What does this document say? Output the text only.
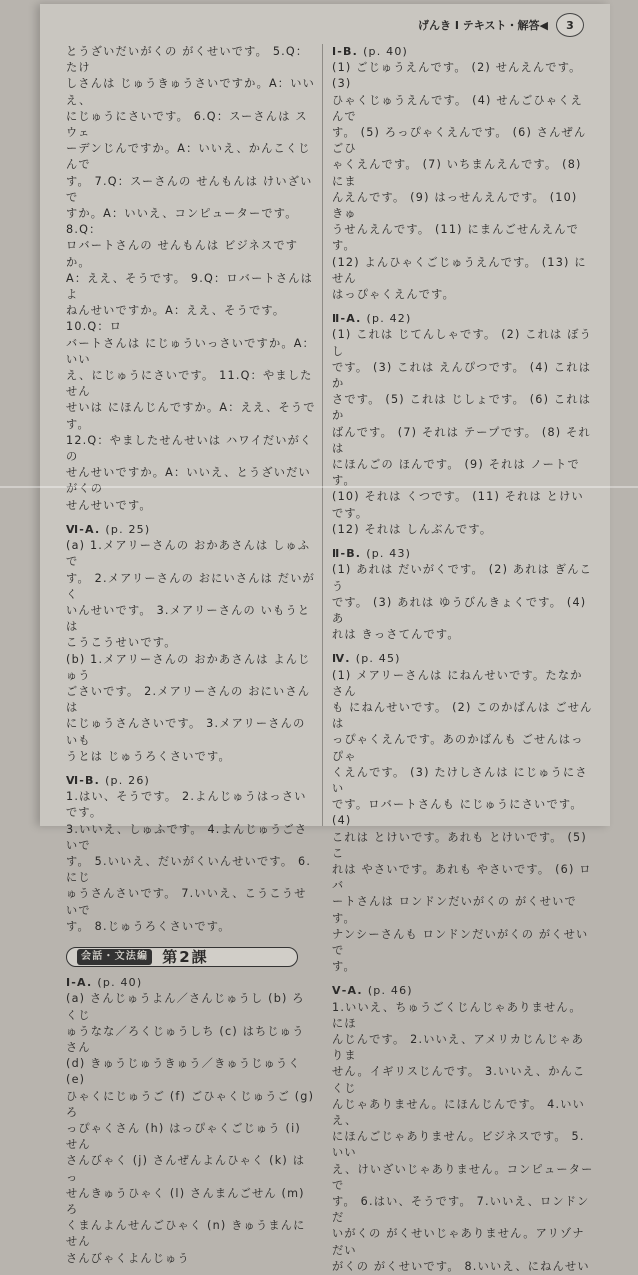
げんき I テキスト・解答◀	3

とうざいだいがくの がくせいです。 5.Q：たけ

しさんは じゅうきゅうさいですか。A：いいえ、

にじゅうにさいです。 6.Q：スーさんは スウェ

ーデンじんですか。A：いいえ、かんこくじんで

す。 7.Q：スーさんの せんもんは けいざいで

すか。A：いいえ、コンピューターです。 8.Q：

ロバートさんの せんもんは ビジネスですか。

A：ええ、そうです。 9.Q：ロバートさんは よ

ねんせいですか。A：ええ、そうです。 10.Q：ロ

バートさんは にじゅういっさいですか。A：いい

え、にじゅうにさいです。 11.Q：やましたせん

せいは にほんじんですか。A：ええ、そうです。

12.Q：やましたせんせいは ハワイだいがくの

せんせいですか。A：いいえ、とうざいだいがくの

せんせいです。

Ⅵ-A. (p. 25)

(a) 1.メアリーさんの おかあさんは しゅふで

す。 2.メアリーさんの おにいさんは だいがく

いんせいです。 3.メアリーさんの いもうとは

こうこうせいです。

(b) 1.メアリーさんの おかあさんは よんじゅう

ごさいです。 2.メアリーさんの おにいさんは

にじゅうさんさいです。 3.メアリーさんの いも

うとは じゅうろくさいです。

Ⅵ-B. (p. 26)

1.はい、そうです。 2.よんじゅうはっさいです。

3.いいえ、しゅふです。 4.よんじゅうごさいで

す。 5.いいえ、だいがくいんせいです。 6.にじ

ゅうさんさいです。 7.いいえ、こうこうせいで

す。 8.じゅうろくさいです。

会話・文法編 第2課
Ⅰ-A. (p. 40)

(a) さんじゅうよん／さんじゅうし (b) ろくじ

ゅうなな／ろくじゅうしち (c) はちじゅうさん

(d) きゅうじゅうきゅう／きゅうじゅうく (e)

ひゃくにじゅうご (f) ごひゃくじゅうご (g) ろ

っぴゃくさん (h) はっぴゃくごじゅう (i) せん

さんびゃく (j) さんぜんよんひゃく (k) はっ

せんきゅうひゃく (l) さんまんごせん (m) ろ

くまんよんせんごひゃく (n) きゅうまんにせん

さんびゃくよんじゅう

Ⅰ-B. (p. 40)

(1) ごじゅうえんです。 (2) せんえんです。 (3)

ひゃくじゅうえんです。 (4) せんごひゃくえんで

す。 (5) ろっぴゃくえんです。 (6) さんぜんごひ

ゃくえんです。 (7) いちまんえんです。 (8) にま

んえんです。 (9) はっせんえんです。 (10) きゅ

うせんえんです。 (11) にまんごせんえんです。

(12) よんひゃくごじゅうえんです。 (13) にせん

はっぴゃくえんです。

Ⅱ-A. (p. 42)

(1) これは じてんしゃです。 (2) これは ぼうし

です。 (3) これは えんぴつです。 (4) これは か

さです。 (5) これは じしょです。 (6) これは か

ばんです。 (7) それは テープです。 (8) それは

にほんごの ほんです。 (9) それは ノートです。

(10) それは くつです。 (11) それは とけいです。

(12) それは しんぶんです。

Ⅱ-B. (p. 43)

(1) あれは だいがくです。 (2) あれは ぎんこう

です。 (3) あれは ゆうびんきょくです。 (4) あ

れは きっさてんです。

Ⅳ. (p. 45)

(1) メアリーさんは にねんせいです。たなかさん

も にねんせいです。 (2) このかばんは ごせんは

っぴゃくえんです。あのかばんも ごせんはっぴゃ

くえんです。 (3) たけしさんは にじゅうにさい

です。ロバートさんも にじゅうにさいです。 (4)

これは とけいです。あれも とけいです。 (5) こ

れは やさいです。あれも やさいです。 (6) ロバ

ートさんは ロンドンだいがくの がくせいです。

ナンシーさんも ロンドンだいがくの がくせいで

す。

Ⅴ-A. (p. 46)

1.いいえ、ちゅうごくじんじゃありません。にほ

んじんです。 2.いいえ、アメリカじんじゃありま

せん。イギリスじんです。 3.いいえ、かんこくじ

んじゃありません。にほんじんです。 4.いいえ、

にほんごじゃありません。ビジネスです。 5.いい

え、けいざいじゃありません。コンピューターで

す。 6.はい、そうです。 7.いいえ、ロンドンだ

いがくの がくせいじゃありません。アリゾナだい

がくの がくせいです。 8.いいえ、にねんせい
